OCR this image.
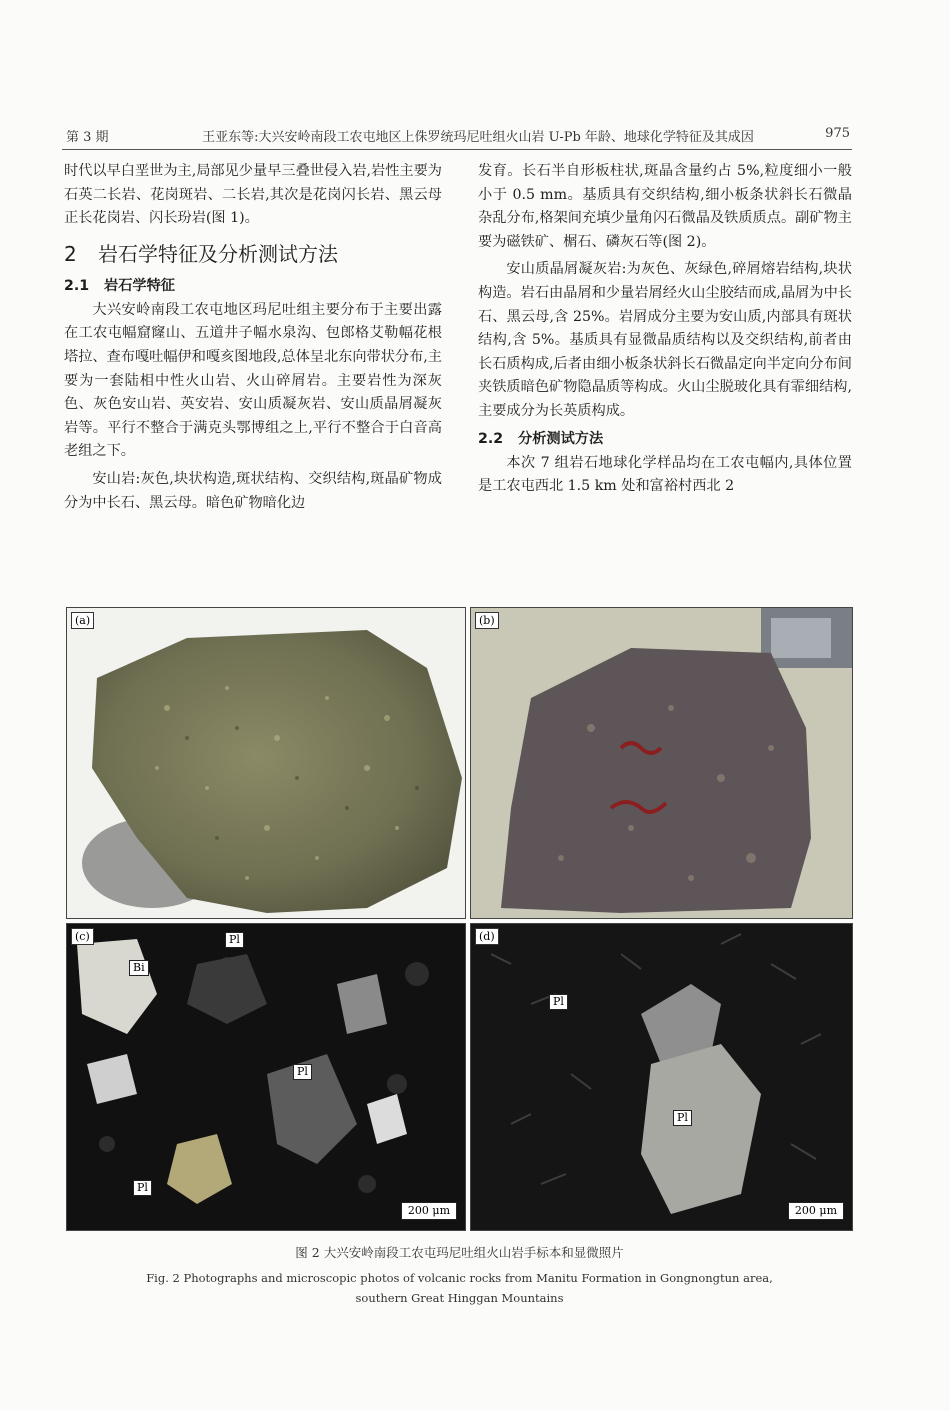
第 3 期	王亚东等:大兴安岭南段工农屯地区上侏罗统玛尼吐组火山岩 U-Pb 年龄、地球化学特征及其成因	975

时代以早白垩世为主,局部见少量早三叠世侵入岩,岩性主要为石英二长岩、花岗斑岩、二长岩,其次是花岗闪长岩、黑云母正长花岗岩、闪长玢岩(图 1)。

2 岩石学特征及分析测试方法
2.1 岩石学特征

大兴安岭南段工农屯地区玛尼吐组主要分布于主要出露在工农屯幅窟窿山、五道井子幅水泉沟、包郎格艾勒幅花根塔拉、查布嘎吐幅伊和嘎亥图地段,总体呈北东向带状分布,主要为一套陆相中性火山岩、火山碎屑岩。主要岩性为深灰色、灰色安山岩、英安岩、安山质凝灰岩、安山质晶屑凝灰岩等。平行不整合于满克头鄂博组之上,平行不整合于白音高老组之下。

安山岩:灰色,块状构造,斑状结构、交织结构,斑晶矿物成分为中长石、黑云母。暗色矿物暗化边

发育。长石半自形板柱状,斑晶含量约占 5%,粒度细小一般小于 0.5 mm。基质具有交织结构,细小板条状斜长石微晶杂乱分布,格架间充填少量角闪石微晶及铁质质点。副矿物主要为磁铁矿、榍石、磷灰石等(图 2)。

安山质晶屑凝灰岩:为灰色、灰绿色,碎屑熔岩结构,块状构造。岩石由晶屑和少量岩屑经火山尘胶结而成,晶屑为中长石、黑云母,含 25%。岩屑成分主要为安山质,内部具有斑状结构,含 5%。基质具有显微晶质结构以及交织结构,前者由长石质构成,后者由细小板条状斜长石微晶定向半定向分布间夹铁质暗色矿物隐晶质等构成。火山尘脱玻化具有霏细结构,主要成分为长英质构成。

2.2 分析测试方法

本次 7 组岩石地球化学样品均在工农屯幅内,具体位置是工农屯西北 1.5 km 处和富裕村西北 2

(a)	(b)
(c)	Pl
Bi
Pl
Pl
200 μm
(d)
Pl
Pl
200 μm
图 2 大兴安岭南段工农屯玛尼吐组火山岩手标本和显微照片
Fig. 2 Photographs and microscopic photos of volcanic rocks from Manitu Formation in Gongnongtun area,
southern Great Hinggan Mountains
